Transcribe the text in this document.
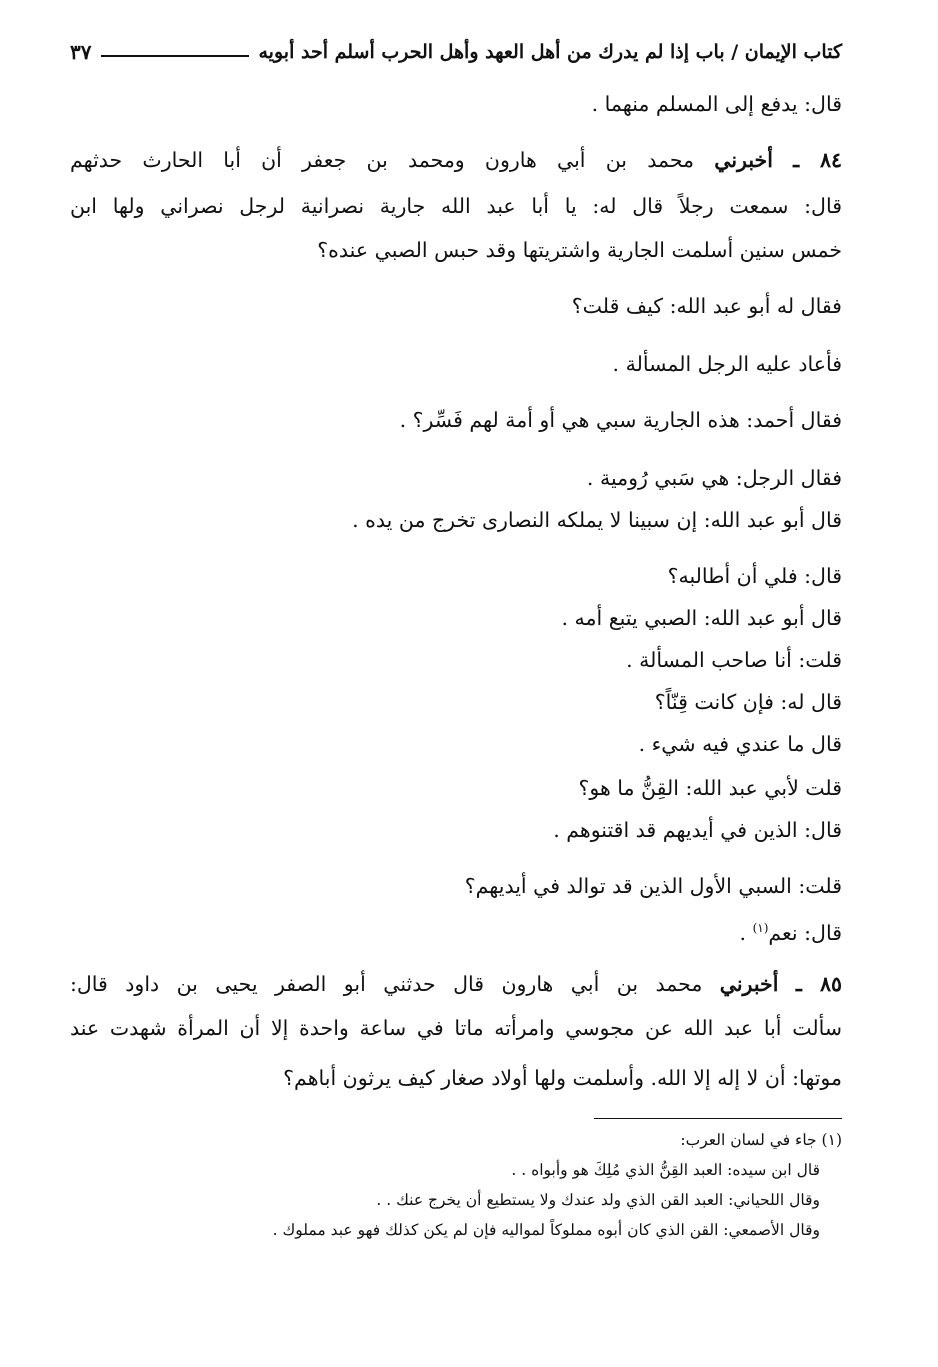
كتاب الإيمان / باب إذا لم يدرك من أهل العهد وأهل الحرب أسلم أحد أبويه
٣٧
قال: يدفع إلى المسلم منهما .
٨٤ ـ أخبرني محمد بن أبي هارون ومحمد بن جعفر أن أبا الحارث حدثهم
قال: سمعت رجلاً قال له: يا أبا عبد الله جارية نصرانية لرجل نصراني ولها ابن
خمس سنين أسلمت الجارية واشتريتها وقد حبس الصبي عنده؟
فقال له أبو عبد الله: كيف قلت؟
فأعاد عليه الرجل المسألة .
فقال أحمد: هذه الجارية سبي هي أو أمة لهم فَسِّر؟ .
فقال الرجل: هي سَبي رُومية .
قال أبو عبد الله: إن سبينا لا يملكه النصارى تخرج من يده .
قال: فلي أن أطالبه؟
قال أبو عبد الله: الصبي يتبع أمه .
قلت: أنا صاحب المسألة .
قال له: فإن كانت قِنّاً؟
قال ما عندي فيه شيء .
قلت لأبي عبد الله: القِنُّ ما هو؟
قال: الذين في أيديهم قد اقتنوهم .
قلت: السبي الأول الذين قد توالد في أيديهم؟
قال: نعم$^{(١)}$ .
٨٥ ـ أخبرني محمد بن أبي هارون قال حدثني أبو الصفر يحيى بن داود قال:
سألت أبا عبد الله عن مجوسي وامرأته ماتا في ساعة واحدة إلا أن المرأة شهدت عند
موتها: أن لا إله إلا الله. وأسلمت ولها أولاد صغار كيف يرثون أباهم؟
(١) جاء في لسان العرب:
قال ابن سيده: العبد القِنُّ الذي مُلِكَ هو وأبواه . .
وقال اللحياني: العبد القن الذي ولد عندك ولا يستطيع أن يخرج عنك . .
وقال الأصمعي: القن الذي كان أبوه مملوكاً لمواليه فإن لم يكن كذلك فهو عبد مملوك .
